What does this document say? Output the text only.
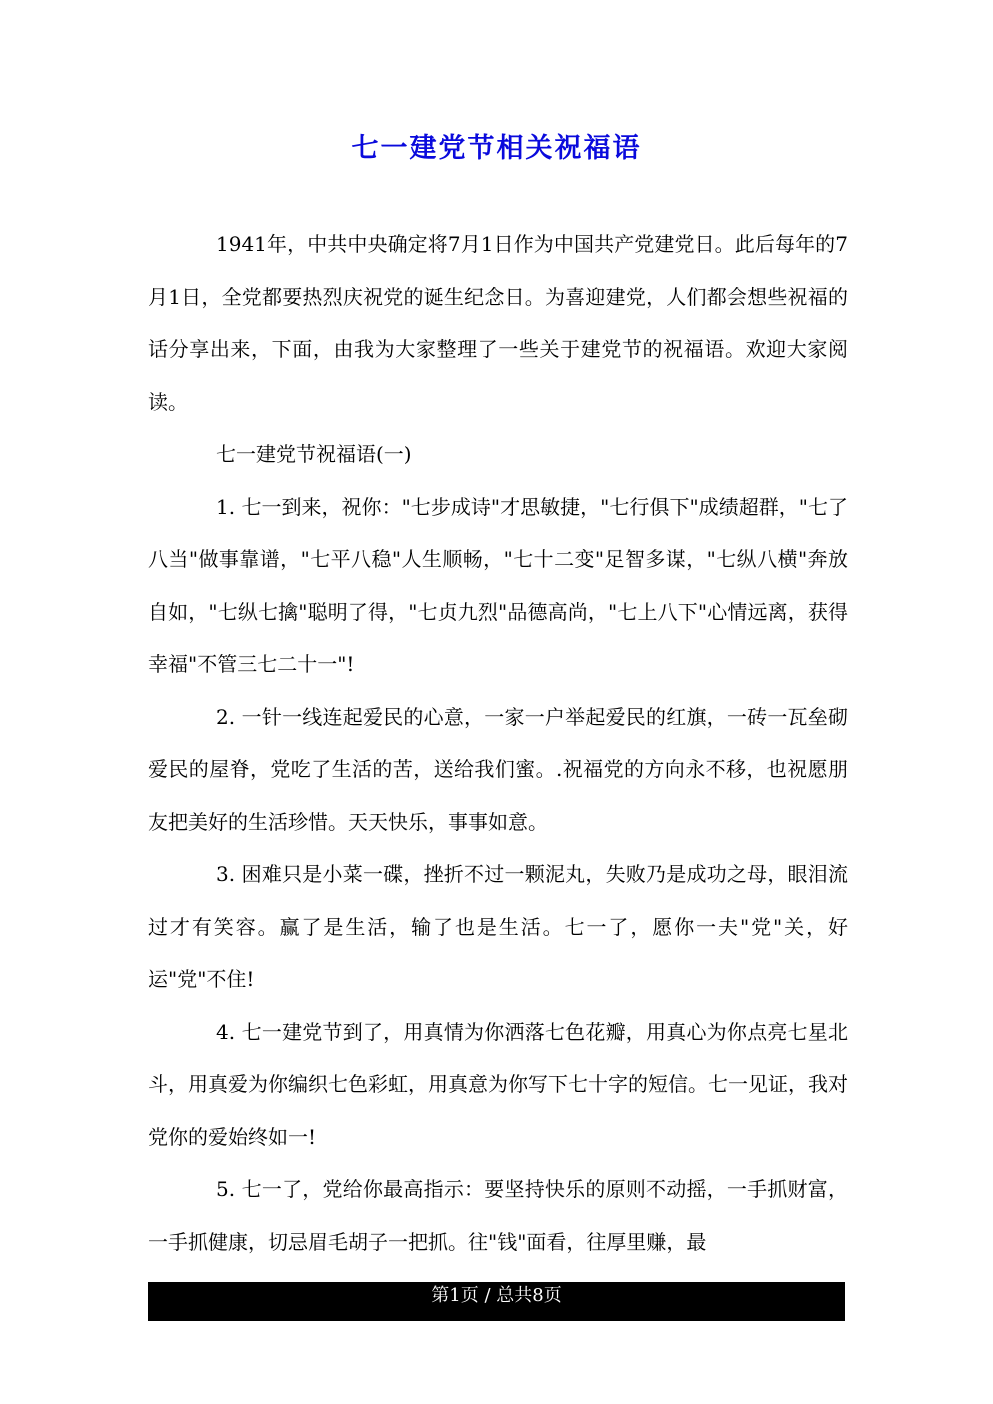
七一建党节相关祝福语

1941年，中共中央确定将7月1日作为中国共产党建党日。此后每年的7月1日，全党都要热烈庆祝党的诞生纪念日。为喜迎建党，人们都会想些祝福的话分享出来，下面，由我为大家整理了一些关于建党节的祝福语。欢迎大家阅读。

七一建党节祝福语(一)

1. 七一到来，祝你："七步成诗"才思敏捷，"七行俱下"成绩超群，"七了八当"做事靠谱，"七平八稳"人生顺畅，"七十二变"足智多谋，"七纵八横"奔放自如，"七纵七擒"聪明了得，"七贞九烈"品德高尚，"七上八下"心情远离，获得幸福"不管三七二十一"!

2. 一针一线连起爱民的心意，一家一户举起爱民的红旗，一砖一瓦垒砌爱民的屋脊，党吃了生活的苦，送给我们蜜。.祝福党的方向永不移，也祝愿朋友把美好的生活珍惜。天天快乐，事事如意。

3. 困难只是小菜一碟，挫折不过一颗泥丸，失败乃是成功之母，眼泪流过才有笑容。赢了是生活，输了也是生活。七一了，愿你一夫"党"关，好运"党"不住!

4. 七一建党节到了，用真情为你洒落七色花瓣，用真心为你点亮七星北斗，用真爱为你编织七色彩虹，用真意为你写下七十字的短信。七一见证，我对党你的爱始终如一!

5. 七一了，党给你最高指示：要坚持快乐的原则不动摇，一手抓财富，一手抓健康，切忌眉毛胡子一把抓。往"钱"面看，往厚里赚，最

第1页 / 总共8页
